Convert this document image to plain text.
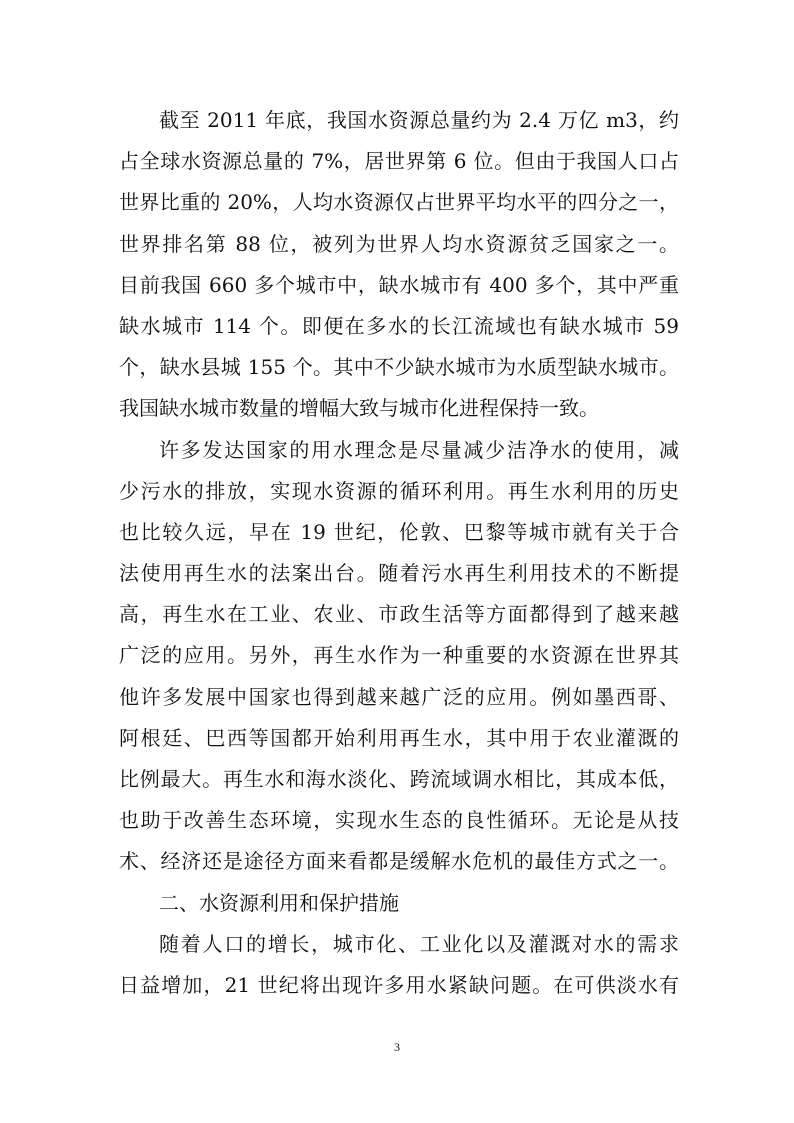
截至 2011 年底，我国水资源总量约为 2.4 万亿 m3，约
占全球水资源总量的 7%，居世界第 6 位。但由于我国人口占
世界比重的 20%，人均水资源仅占世界平均水平的四分之一，
世界排名第 88 位，被列为世界人均水资源贫乏国家之一。
目前我国 660 多个城市中，缺水城市有 400 多个，其中严重
缺水城市 114 个。即便在多水的长江流域也有缺水城市 59
个，缺水县城 155 个。其中不少缺水城市为水质型缺水城市。
我国缺水城市数量的增幅大致与城市化进程保持一致。
许多发达国家的用水理念是尽量减少洁净水的使用，减
少污水的排放，实现水资源的循环利用。再生水利用的历史
也比较久远，早在 19 世纪，伦敦、巴黎等城市就有关于合
法使用再生水的法案出台。随着污水再生利用技术的不断提
高，再生水在工业、农业、市政生活等方面都得到了越来越
广泛的应用。另外，再生水作为一种重要的水资源在世界其
他许多发展中国家也得到越来越广泛的应用。例如墨西哥、
阿根廷、巴西等国都开始利用再生水，其中用于农业灌溉的
比例最大。再生水和海水淡化、跨流域调水相比，其成本低，
也助于改善生态环境，实现水生态的良性循环。无论是从技
术、经济还是途径方面来看都是缓解水危机的最佳方式之一。
二、水资源利用和保护措施
随着人口的增长，城市化、工业化以及灌溉对水的需求
日益增加，21 世纪将出现许多用水紧缺问题。在可供淡水有
3
